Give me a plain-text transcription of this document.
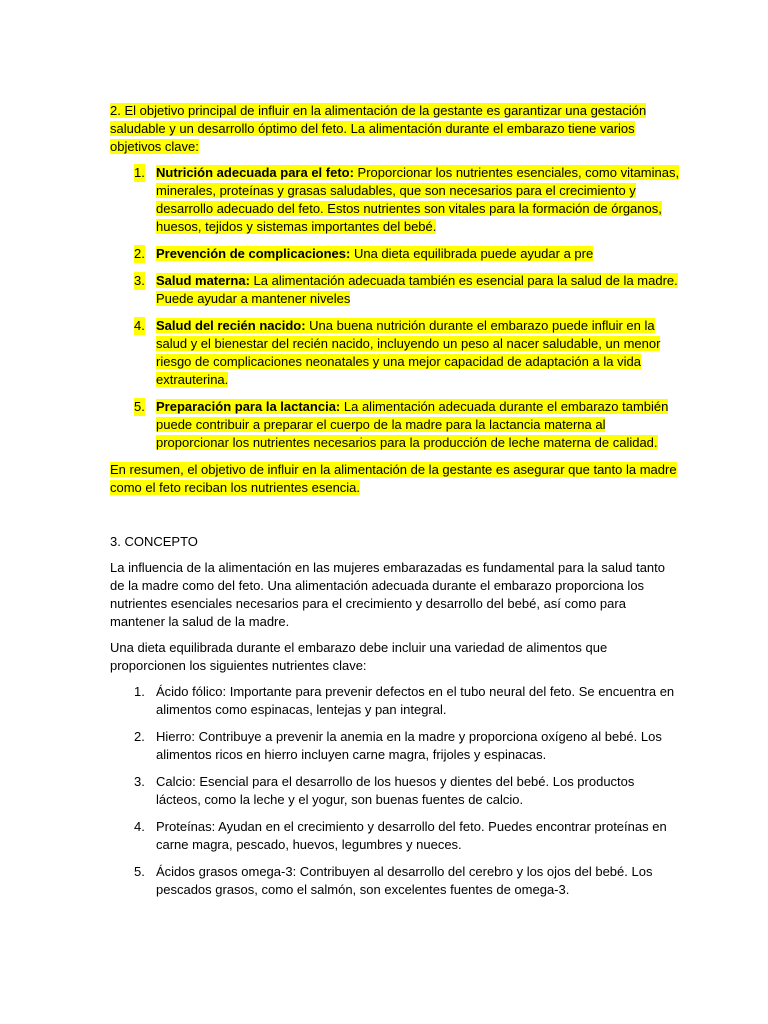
2. El objetivo principal de influir en la alimentación de la gestante es garantizar una gestación saludable y un desarrollo óptimo del feto. La alimentación durante el embarazo tiene varios objetivos clave:

1. Nutrición adecuada para el feto: Proporcionar los nutrientes esenciales, como vitaminas, minerales, proteínas y grasas saludables, que son necesarios para el crecimiento y desarrollo adecuado del feto. Estos nutrientes son vitales para la formación de órganos, huesos, tejidos y sistemas importantes del bebé.
2. Prevención de complicaciones: Una dieta equilibrada puede ayudar a pre
3. Salud materna: La alimentación adecuada también es esencial para la salud de la madre. Puede ayudar a mantener niveles
4. Salud del recién nacido: Una buena nutrición durante el embarazo puede influir en la salud y el bienestar del recién nacido, incluyendo un peso al nacer saludable, un menor riesgo de complicaciones neonatales y una mejor capacidad de adaptación a la vida extrauterina.
5. Preparación para la lactancia: La alimentación adecuada durante el embarazo también puede contribuir a preparar el cuerpo de la madre para la lactancia materna al proporcionar los nutrientes necesarios para la producción de leche materna de calidad.

En resumen, el objetivo de influir en la alimentación de la gestante es asegurar que tanto la madre como el feto reciban los nutrientes esencia.

3. CONCEPTO

La influencia de la alimentación en las mujeres embarazadas es fundamental para la salud tanto de la madre como del feto. Una alimentación adecuada durante el embarazo proporciona los nutrientes esenciales necesarios para el crecimiento y desarrollo del bebé, así como para mantener la salud de la madre.

Una dieta equilibrada durante el embarazo debe incluir una variedad de alimentos que proporcionen los siguientes nutrientes clave:

1. Ácido fólico: Importante para prevenir defectos en el tubo neural del feto. Se encuentra en alimentos como espinacas, lentejas y pan integral.
2. Hierro: Contribuye a prevenir la anemia en la madre y proporciona oxígeno al bebé. Los alimentos ricos en hierro incluyen carne magra, frijoles y espinacas.
3. Calcio: Esencial para el desarrollo de los huesos y dientes del bebé. Los productos lácteos, como la leche y el yogur, son buenas fuentes de calcio.
4. Proteínas: Ayudan en el crecimiento y desarrollo del feto. Puedes encontrar proteínas en carne magra, pescado, huevos, legumbres y nueces.
5. Ácidos grasos omega-3: Contribuyen al desarrollo del cerebro y los ojos del bebé. Los pescados grasos, como el salmón, son excelentes fuentes de omega-3.
